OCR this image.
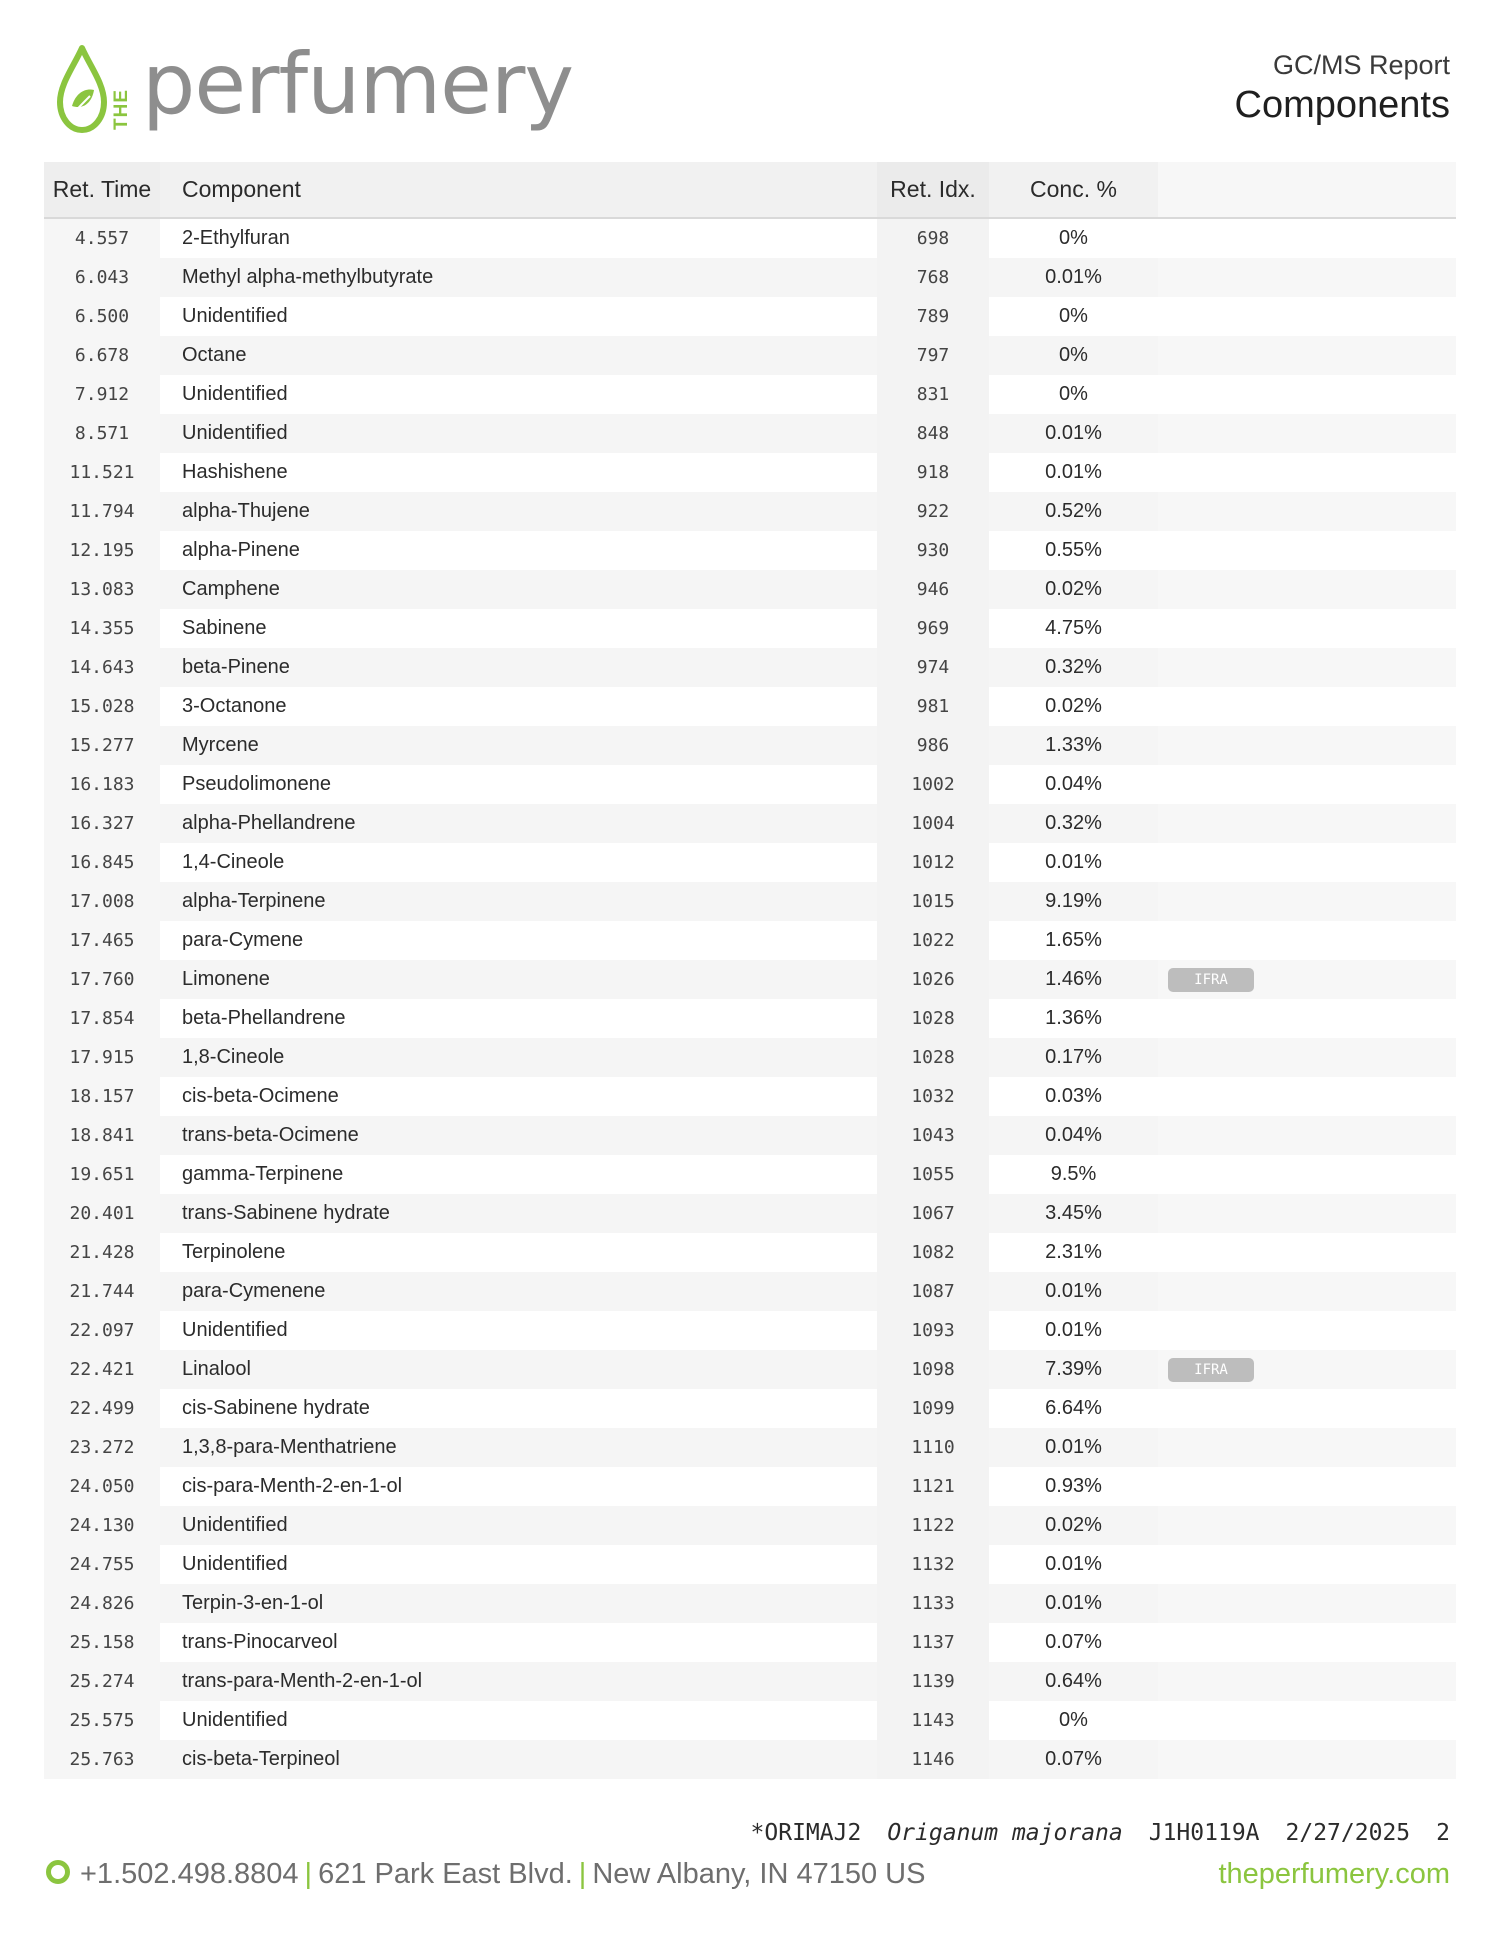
THE perfumery	GC/MS Report
Components
Ret. Time	Component	Ret. Idx.	Conc. %	
4.557	2-Ethylfuran	698	0%	
6.043	Methyl alpha-methylbutyrate	768	0.01%	
6.500	Unidentified	789	0%	
6.678	Octane	797	0%	
7.912	Unidentified	831	0%	
8.571	Unidentified	848	0.01%	
11.521	Hashishene	918	0.01%	
11.794	alpha-Thujene	922	0.52%	
12.195	alpha-Pinene	930	0.55%	
13.083	Camphene	946	0.02%	
14.355	Sabinene	969	4.75%	
14.643	beta-Pinene	974	0.32%	
15.028	3-Octanone	981	0.02%	
15.277	Myrcene	986	1.33%	
16.183	Pseudolimonene	1002	0.04%	
16.327	alpha-Phellandrene	1004	0.32%	
16.845	1,4-Cineole	1012	0.01%	
17.008	alpha-Terpinene	1015	9.19%	
17.465	para-Cymene	1022	1.65%	
17.760	Limonene	1026	1.46%	IFRA
17.854	beta-Phellandrene	1028	1.36%	
17.915	1,8-Cineole	1028	0.17%	
18.157	cis-beta-Ocimene	1032	0.03%	
18.841	trans-beta-Ocimene	1043	0.04%	
19.651	gamma-Terpinene	1055	9.5%	
20.401	trans-Sabinene hydrate	1067	3.45%	
21.428	Terpinolene	1082	2.31%	
21.744	para-Cymenene	1087	0.01%	
22.097	Unidentified	1093	0.01%	
22.421	Linalool	1098	7.39%	IFRA
22.499	cis-Sabinene hydrate	1099	6.64%	
23.272	1,3,8-para-Menthatriene	1110	0.01%	
24.050	cis-para-Menth-2-en-1-ol	1121	0.93%	
24.130	Unidentified	1122	0.02%	
24.755	Unidentified	1132	0.01%	
24.826	Terpin-3-en-1-ol	1133	0.01%	
25.158	trans-Pinocarveol	1137	0.07%	
25.274	trans-para-Menth-2-en-1-ol	1139	0.64%	
25.575	Unidentified	1143	0%	
25.763	cis-beta-Terpineol	1146	0.07%	
*ORIMAJ2 Origanum majorana J1H0119A 2/27/2025 2
+1.502.498.8804 | 621 Park East Blvd. | New Albany, IN 47150 US	theperfumery.com
